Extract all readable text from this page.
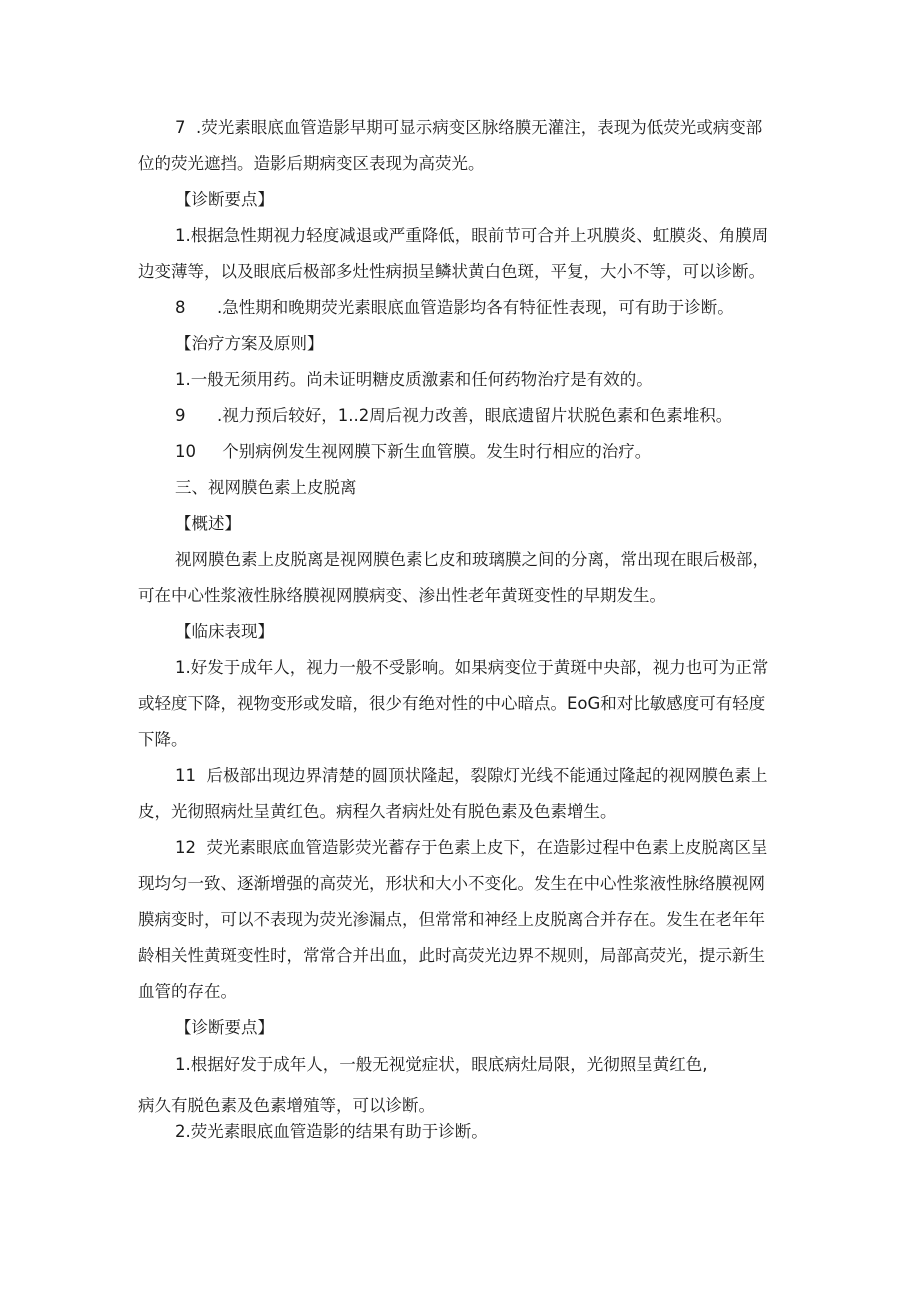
7  .荧光素眼底血管造影早期可显示病变区脉络膜无灌注，表现为低荧光或病变部
位的荧光遮挡。造影后期病变区表现为高荧光。
【诊断要点】
1.根据急性期视力轻度减退或严重降低，眼前节可合并上巩膜炎、虹膜炎、角膜周
边变薄等，以及眼底后极部多灶性病损呈鳞状黄白色斑，平复，大小不等，可以诊断。
8      .急性期和晚期荧光素眼底血管造影均各有特征性表现，可有助于诊断。
【治疗方案及原则】
1.一般无须用药。尚未证明糖皮质激素和任何药物治疗是有效的。
9      .视力预后较好，1..2周后视力改善，眼底遗留片状脱色素和色素堆积。
10     个别病例发生视网膜下新生血管膜。发生时行相应的治疗。
三、视网膜色素上皮脱离
【概述】
视网膜色素上皮脱离是视网膜色素匕皮和玻璃膜之间的分离，常出现在眼后极部，
可在中心性浆液性脉络膜视网膜病变、渗出性老年黄斑变性的早期发生。
【临床表现】
1.好发于成年人，视力一般不受影响。如果病变位于黄斑中央部，视力也可为正常
或轻度下降，视物变形或发暗，很少有绝对性的中心暗点。EoG和对比敏感度可有轻度
下降。
11  后极部出现边界清楚的圆顶状隆起，裂隙灯光线不能通过隆起的视网膜色素上
皮，光彻照病灶呈黄红色。病程久者病灶处有脱色素及色素增生。
12  荧光素眼底血管造影荧光蓄存于色素上皮下，在造影过程中色素上皮脱离区呈
现均匀一致、逐渐增强的高荧光，形状和大小不变化。发生在中心性浆液性脉络膜视网
膜病变时，可以不表现为荧光渗漏点，但常常和神经上皮脱离合并存在。发生在老年年
龄相关性黄斑变性时，常常合并出血，此时高荧光边界不规则，局部高荧光，提示新生
血管的存在。
【诊断要点】
1.根据好发于成年人，一般无视觉症状，眼底病灶局限，光彻照呈黄红色,
病久有脱色素及色素增殖等，可以诊断。
2.荧光素眼底血管造影的结果有助于诊断。
